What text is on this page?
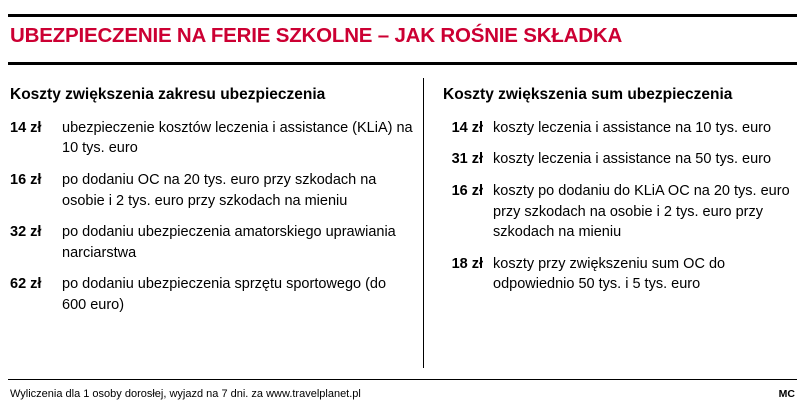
UBEZPIECZENIE NA FERIE SZKOLNE – JAK ROŚNIE SKŁADKA
Koszty zwiększenia zakresu ubezpieczenia
14 zł	ubezpieczenie kosztów leczenia i assistance (KLiA) na 10 tys. euro
16 zł	po dodaniu OC na 20 tys. euro przy szkodach na osobie i 2 tys. euro przy szkodach na mieniu
32 zł	po dodaniu ubezpieczenia amatorskiego uprawiania narciarstwa
62 zł	po dodaniu ubezpieczenia sprzętu sportowego (do 600 euro)
Koszty zwiększenia sum ubezpieczenia
14 zł koszty leczenia i assistance na 10 tys. euro
31 zł koszty leczenia i assistance na 50 tys. euro
16 zł koszty po dodaniu do KLiA OC na 20 tys. euro przy szkodach na osobie i 2 tys. euro przy szkodach na mieniu
18 zł koszty przy zwiększeniu sum OC do odpowiednio 50 tys. i 5 tys. euro
Wyliczenia dla 1 osoby dorosłej, wyjazd na 7 dni. za www.travelplanet.pl	MC
